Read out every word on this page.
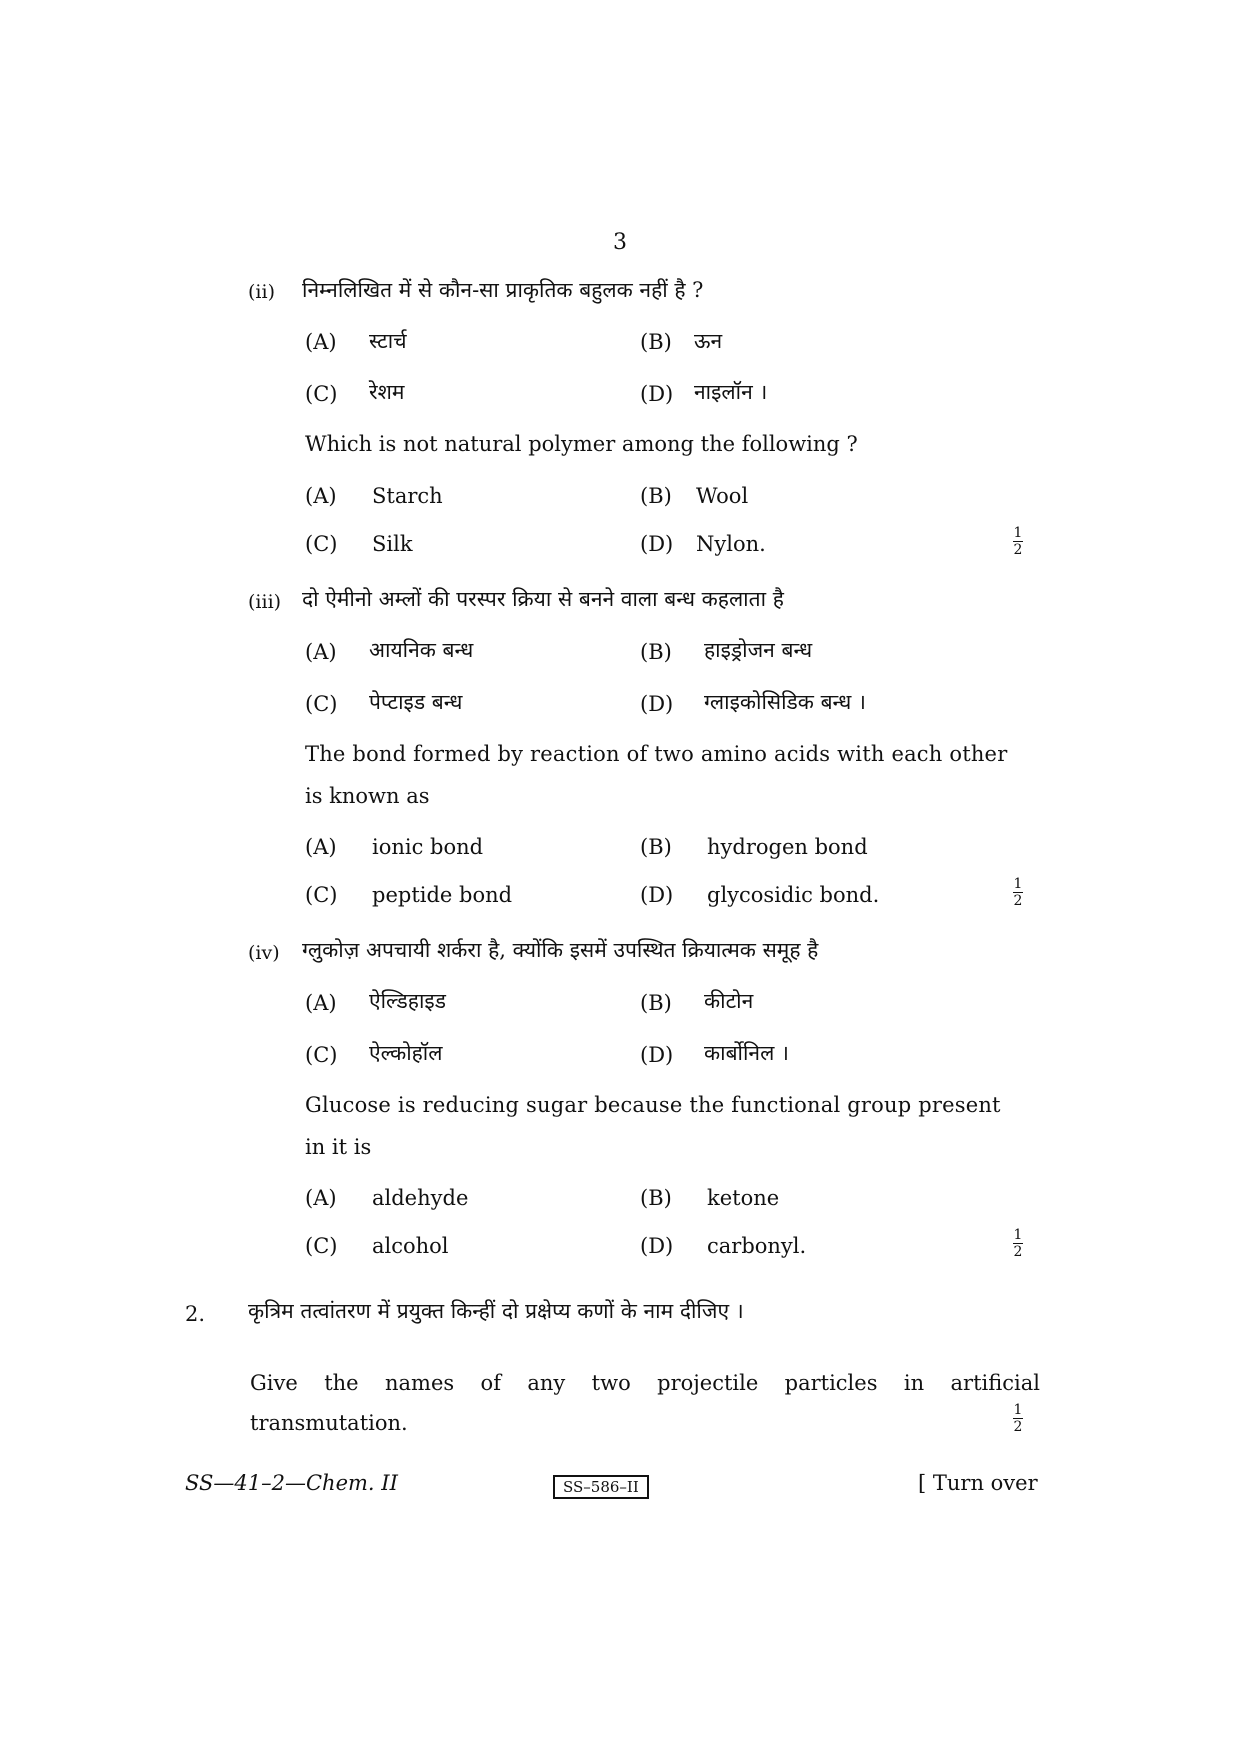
3
(ii) निम्नलिखित में से कौन-सा प्राकृतिक बहुलक नहीं है ?
(A) स्टार्च	(B) ऊन
(C) रेशम	(D) नाइलॉन ।
Which is not natural polymer among the following ?
(A) Starch	(B) Wool
(C) Silk	(D) Nylon.	1
2
(iii) दो ऐमीनो अम्लों की परस्पर क्रिया से बनने वाला बन्ध कहलाता है
(A) आयनिक बन्ध	(B) हाइड्रोजन बन्ध
(C) पेप्टाइड बन्ध	(D) ग्लाइकोसिडिक बन्ध ।
The bond formed by reaction of two amino acids with each other
is known as
(A) ionic bond	(B) hydrogen bond
(C) peptide bond	(D) glycosidic bond.	1
2
(iv) ग्लुकोज़ अपचायी शर्करा है, क्योंकि इसमें उपस्थित क्रियात्मक समूह है
(A) ऐल्डिहाइड	(B) कीटोन
(C) ऐल्कोहॉल	(D) कार्बोनिल ।
Glucose is reducing sugar because the functional group present
in it is
(A) aldehyde	(B) ketone
(C) alcohol	(D) carbonyl.	1
2
2. कृत्रिम तत्वांतरण में प्रयुक्त किन्हीं दो प्रक्षेप्य कणों के नाम दीजिए ।
Give the names of any two projectile particles in artificial
transmutation.
1
2
SS—41–2—Chem. II	SS–586–II	[ Turn over
